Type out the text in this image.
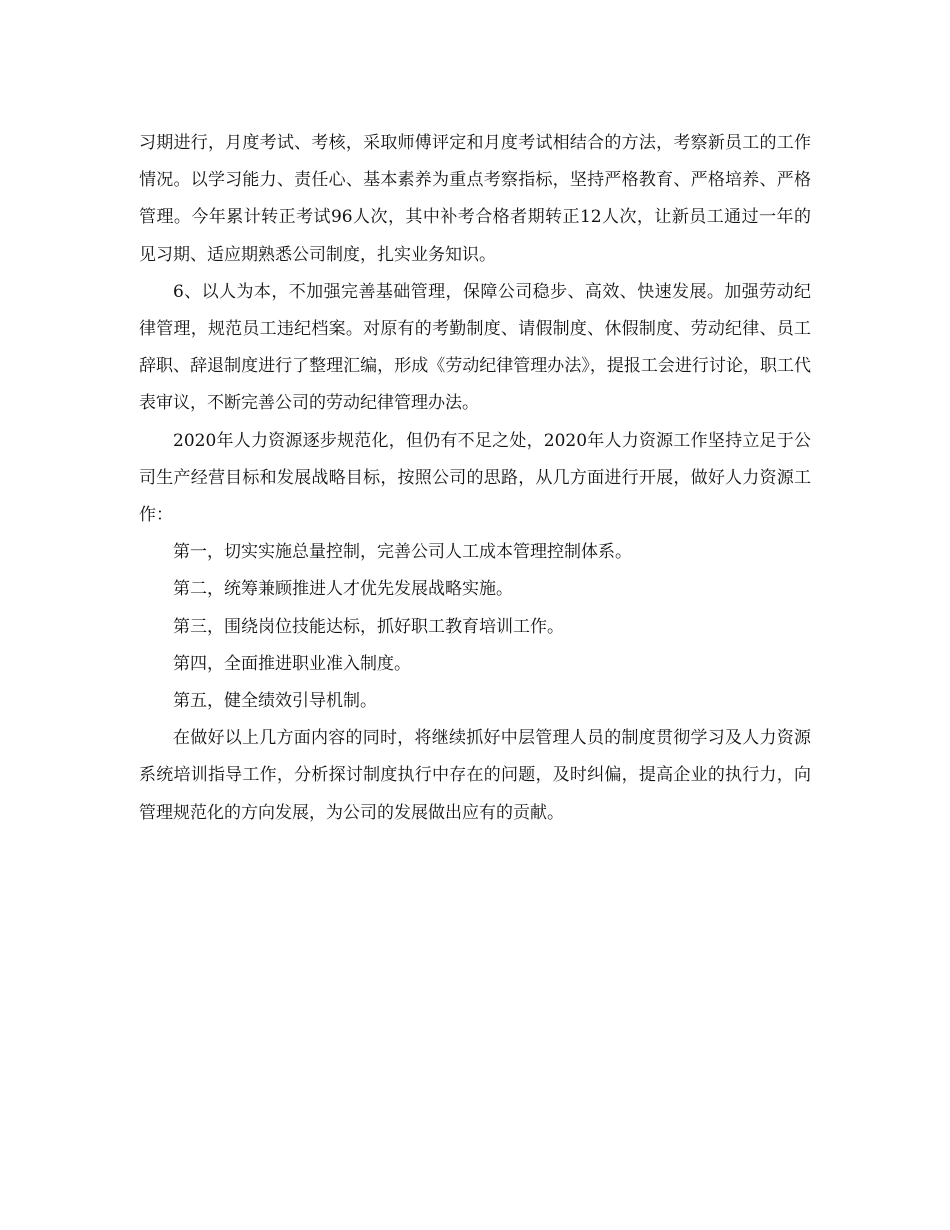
习期进行，月度考试、考核，采取师傅评定和月度考试相结合的方法，考察新员工的工作情况。以学习能力、责任心、基本素养为重点考察指标，坚持严格教育、严格培养、严格管理。今年累计转正考试96人次，其中补考合格者期转正12人次，让新员工通过一年的见习期、适应期熟悉公司制度，扎实业务知识。

6、以人为本，不加强完善基础管理，保障公司稳步、高效、快速发展。加强劳动纪律管理，规范员工违纪档案。对原有的考勤制度、请假制度、休假制度、劳动纪律、员工辞职、辞退制度进行了整理汇编，形成《劳动纪律管理办法》，提报工会进行讨论，职工代表审议，不断完善公司的劳动纪律管理办法。

2020年人力资源逐步规范化，但仍有不足之处，2020年人力资源工作坚持立足于公司生产经营目标和发展战略目标，按照公司的思路，从几方面进行开展，做好人力资源工作：

第一，切实实施总量控制，完善公司人工成本管理控制体系。

第二，统筹兼顾推进人才优先发展战略实施。

第三，围绕岗位技能达标，抓好职工教育培训工作。

第四，全面推进职业准入制度。

第五，健全绩效引导机制。

在做好以上几方面内容的同时，将继续抓好中层管理人员的制度贯彻学习及人力资源系统培训指导工作，分析探讨制度执行中存在的问题，及时纠偏，提高企业的执行力，向管理规范化的方向发展，为公司的发展做出应有的贡献。
